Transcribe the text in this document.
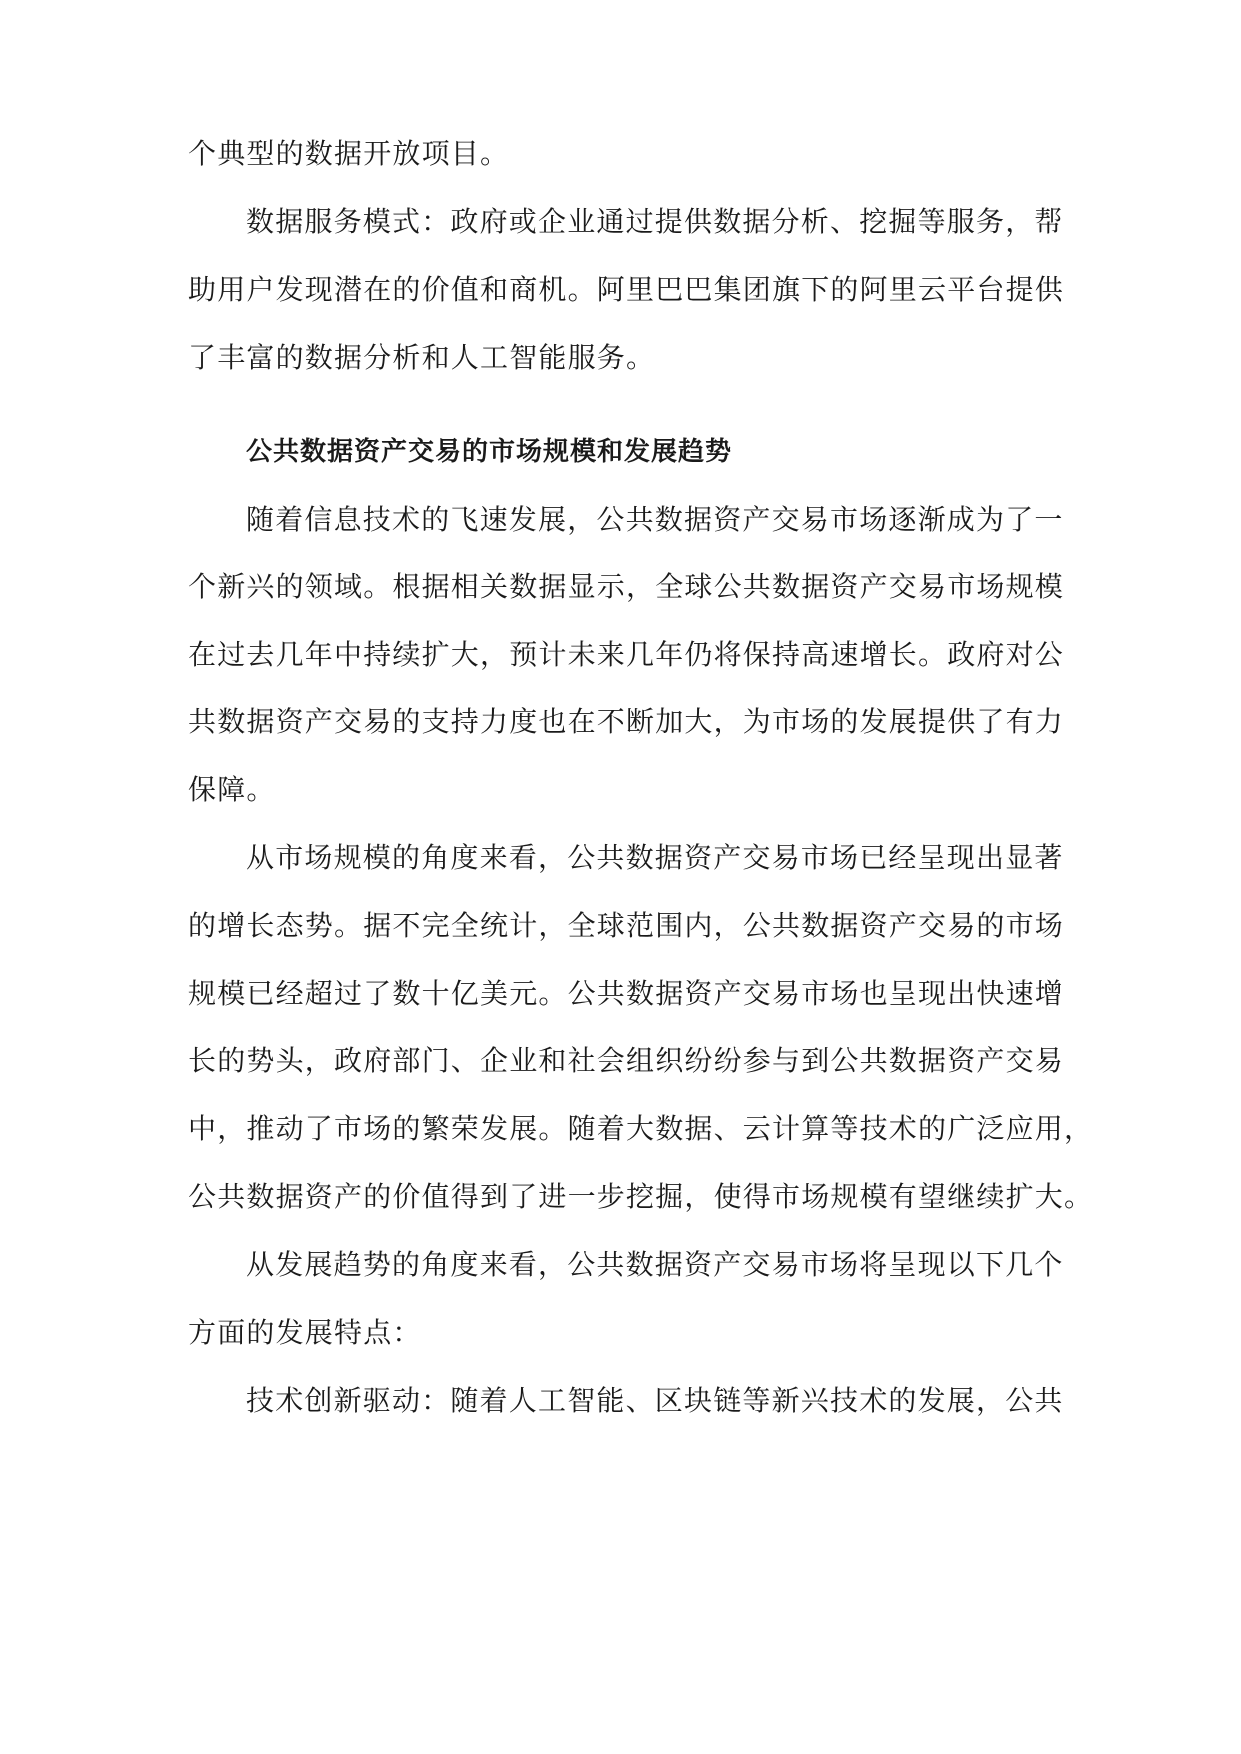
个典型的数据开放项目。
数据服务模式：政府或企业通过提供数据分析、挖掘等服务，帮
助用户发现潜在的价值和商机。阿里巴巴集团旗下的阿里云平台提供
了丰富的数据分析和人工智能服务。
公共数据资产交易的市场规模和发展趋势
随着信息技术的飞速发展，公共数据资产交易市场逐渐成为了一
个新兴的领域。根据相关数据显示，全球公共数据资产交易市场规模
在过去几年中持续扩大，预计未来几年仍将保持高速增长。政府对公
共数据资产交易的支持力度也在不断加大，为市场的发展提供了有力
保障。
从市场规模的角度来看，公共数据资产交易市场已经呈现出显著
的增长态势。据不完全统计，全球范围内，公共数据资产交易的市场
规模已经超过了数十亿美元。公共数据资产交易市场也呈现出快速增
长的势头，政府部门、企业和社会组织纷纷参与到公共数据资产交易
中，推动了市场的繁荣发展。随着大数据、云计算等技术的广泛应用，
公共数据资产的价值得到了进一步挖掘，使得市场规模有望继续扩大。
从发展趋势的角度来看，公共数据资产交易市场将呈现以下几个
方面的发展特点：
技术创新驱动：随着人工智能、区块链等新兴技术的发展，公共
